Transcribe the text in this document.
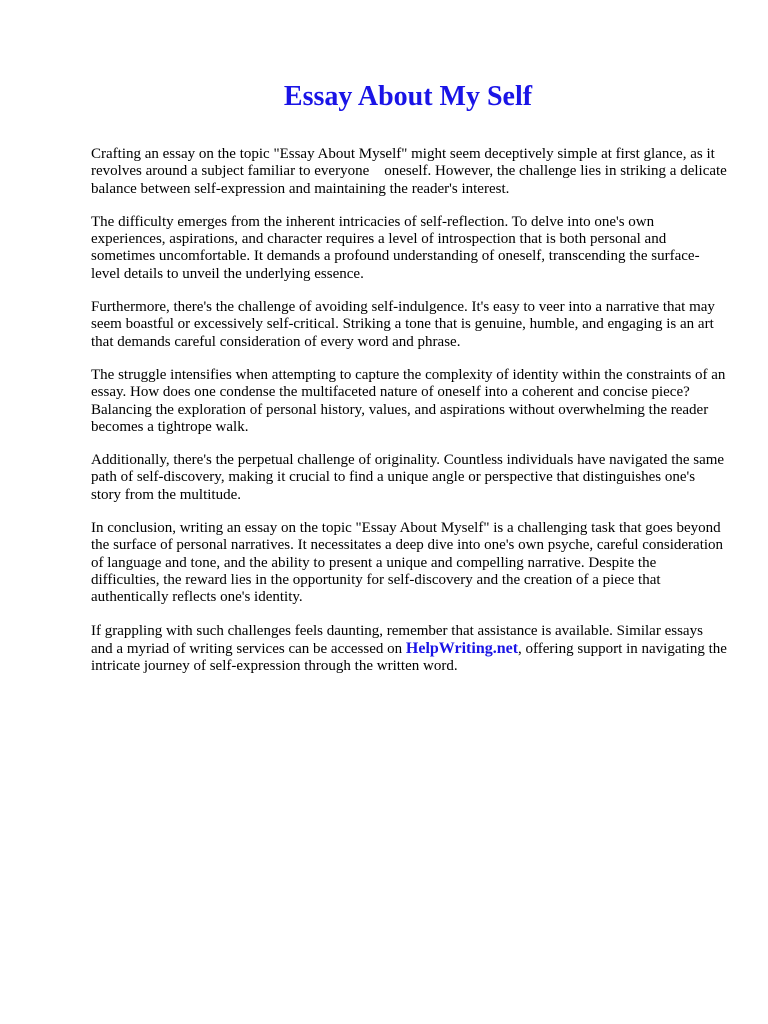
Essay About My Self

Crafting an essay on the topic "Essay About Myself" might seem deceptively simple at first glance, as it revolves around a subject familiar to everyone    oneself. However, the challenge lies in striking a delicate balance between self-expression and maintaining the reader's interest.

The difficulty emerges from the inherent intricacies of self-reflection. To delve into one's own experiences, aspirations, and character requires a level of introspection that is both personal and sometimes uncomfortable. It demands a profound understanding of oneself, transcending the surface-level details to unveil the underlying essence.

Furthermore, there's the challenge of avoiding self-indulgence. It's easy to veer into a narrative that may seem boastful or excessively self-critical. Striking a tone that is genuine, humble, and engaging is an art that demands careful consideration of every word and phrase.

The struggle intensifies when attempting to capture the complexity of identity within the constraints of an essay. How does one condense the multifaceted nature of oneself into a coherent and concise piece? Balancing the exploration of personal history, values, and aspirations without overwhelming the reader becomes a tightrope walk.

Additionally, there's the perpetual challenge of originality. Countless individuals have navigated the same path of self-discovery, making it crucial to find a unique angle or perspective that distinguishes one's story from the multitude.

In conclusion, writing an essay on the topic "Essay About Myself" is a challenging task that goes beyond the surface of personal narratives. It necessitates a deep dive into one's own psyche, careful consideration of language and tone, and the ability to present a unique and compelling narrative. Despite the difficulties, the reward lies in the opportunity for self-discovery and the creation of a piece that authentically reflects one's identity.

If grappling with such challenges feels daunting, remember that assistance is available. Similar essays and a myriad of writing services can be accessed on HelpWriting.net, offering support in navigating the intricate journey of self-expression through the written word.
